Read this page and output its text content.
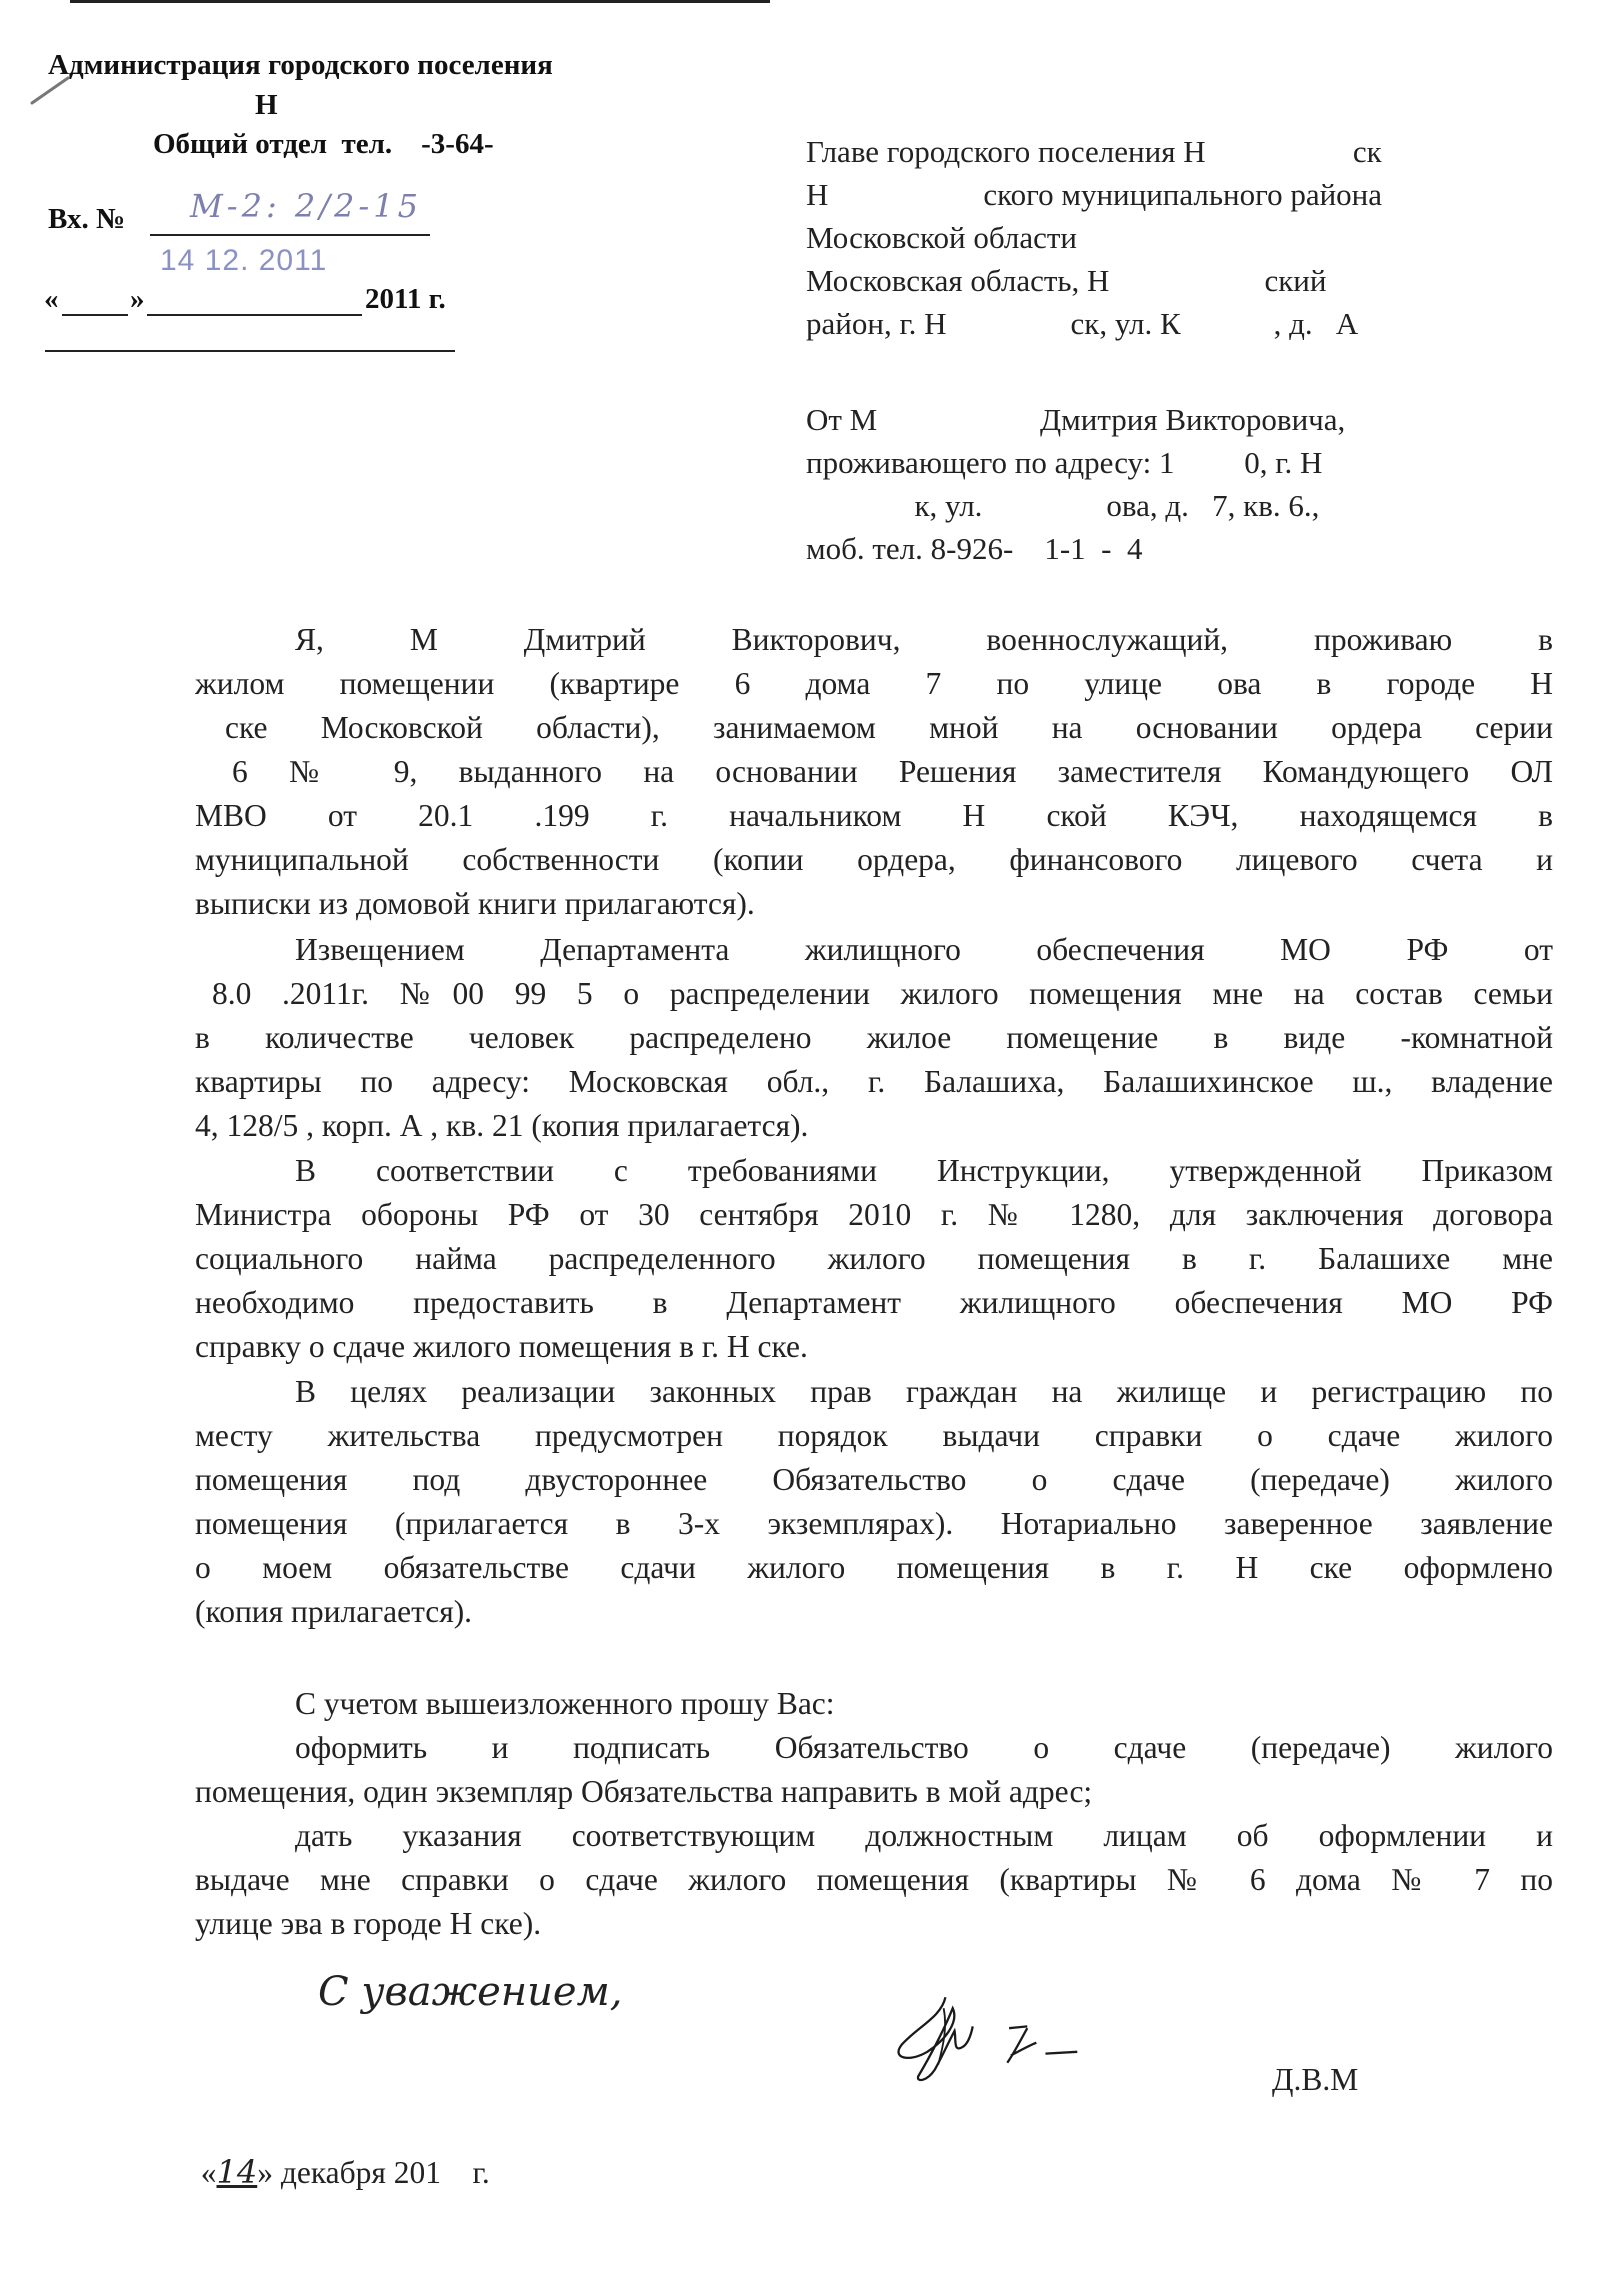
Администрация городского поселения
Н
Общий отдел  тел.    -3-64-
Вх. № М-2: 2/2-15
« »
14 12. 2011
2011 г.
Главе городского поселения Н                   ск
Н                    ского муниципального района
Московской области
Московская область, Н                    ский
район, г. Н                ск, ул. К            , д.   А
От М                     Дмитрия Викторовича,
проживающего по адресу: 1         0, г. Н
к, ул.                ова, д.   7, кв. 6.,
моб. тел. 8-926-    1-1  -  4
Я, М Дмитрий Викторович, военнослужащий, проживаю в
жилом помещении (квартире 6 дома 7 по улице ова в городе Н
ске Московской области), занимаемом мной на основании ордера серии
6 № 9, выданного на основании Решения заместителя Командующего ОЛ
МВО от 20.1 .199 г. начальником Н ской КЭЧ, находящемся в
муниципальной собственности (копии ордера, финансового лицевого счета и
выписки из домовой книги прилагаются).
Извещением Департамента жилищного обеспечения МО РФ от
8.0 .2011г. №00 99 5 о распределении жилого помещения мне на состав семьи
в количестве человек распределено жилое помещение в виде -комнатной
квартиры по адресу: Московская обл., г. Балашиха, Балашихинское ш., владение
4, 128/5 , корп. А , кв. 21 (копия прилагается).
В соответствии с требованиями Инструкции, утвержденной Приказом
Министра обороны РФ от 30 сентября 2010 г. № 1280, для заключения договора
социального найма распределенного жилого помещения в г. Балашихе мне
необходимо предоставить в Департамент жилищного обеспечения МО РФ
справку о сдаче жилого помещения в г. Н ске.
В целях реализации законных прав граждан на жилище и регистрацию по
месту жительства предусмотрен порядок выдачи справки о сдаче жилого
помещения под двустороннее Обязательство о сдаче (передаче) жилого
помещения (прилагается в 3-х экземплярах). Нотариально заверенное заявление
о моем обязательстве сдачи жилого помещения в г. Н ске оформлено
(копия прилагается).
С учетом вышеизложенного прошу Вас:
оформить и подписать Обязательство о сдаче (передаче) жилого
помещения, один экземпляр Обязательства направить в мой адрес;
дать указания соответствующим должностным лицам об оформлении и
выдаче мне справки о сдаче жилого помещения (квартиры № 6 дома № 7 по
улице эва в городе Н ске).
С уважением,
Д.В.М

«14» декабря 201    г.
